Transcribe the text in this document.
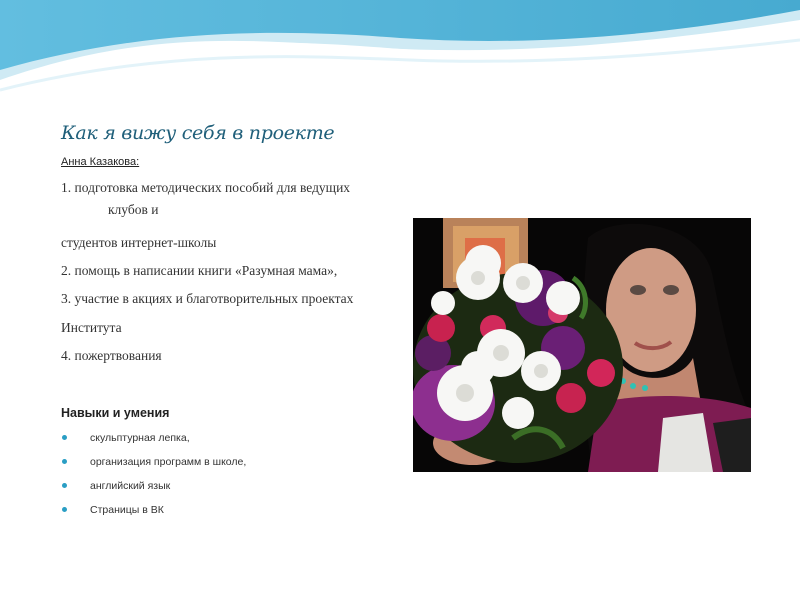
Как я вижу себя в проекте
Анна Казакова:
1. подготовка методических пособий для ведущих
клубов и
студентов интернет-школы
2. помощь в написании книги «Разумная мама»,
3. участие в акциях и благотворительных проектах
Института
4. пожертвования
Навыки и умения
скульптурная лепка,
организация программ в школе,
английский язык
Страницы в ВК
